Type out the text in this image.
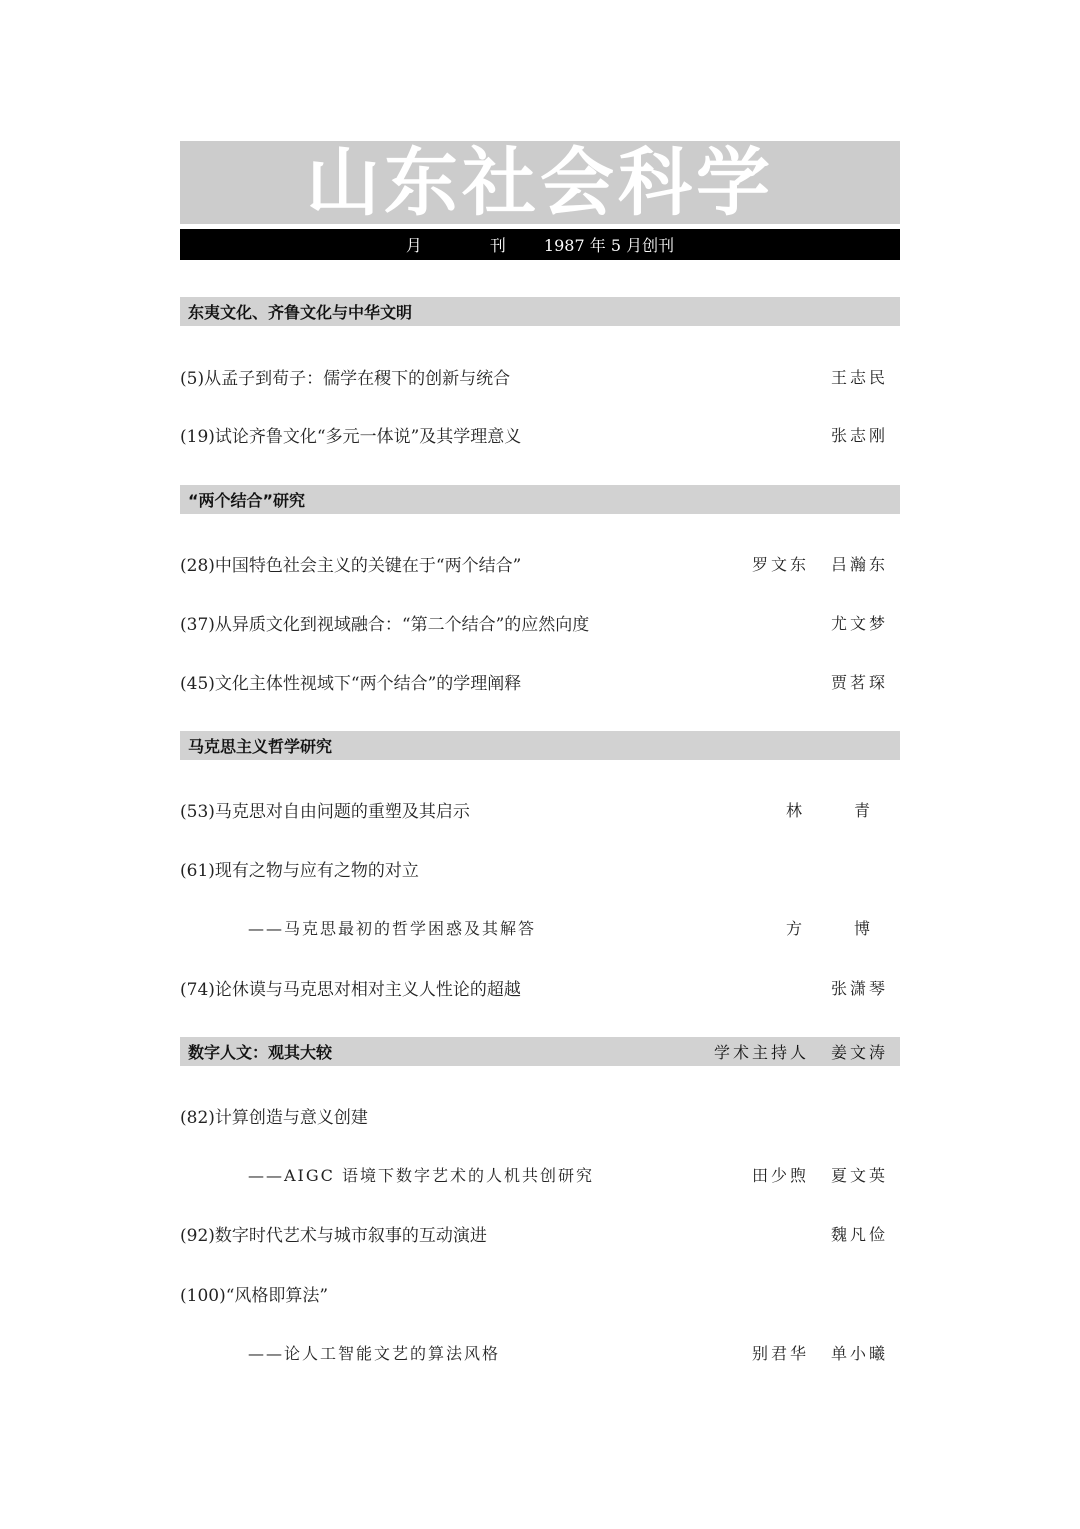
山东社会科学
月　刊 1987 年 5 月创刊
东夷文化、齐鲁文化与中华文明
(5)从孟子到荀子：儒学在稷下的创新与统合	王志民
(19)试论齐鲁文化“多元一体说”及其学理意义	张志刚
“两个结合”研究
(28)中国特色社会主义的关键在于“两个结合”	罗文东 吕瀚东
(37)从异质文化到视域融合：“第二个结合”的应然向度	尤文梦
(45)文化主体性视域下“两个结合”的学理阐释	贾茗琛
马克思主义哲学研究
(53)马克思对自由问题的重塑及其启示	林　青
(61)现有之物与应有之物的对立
——马克思最初的哲学困惑及其解答	方　博
(74)论休谟与马克思对相对主义人性论的超越	张潇琴
数字人文：观其大较	学术主持人 姜文涛
(82)计算创造与意义创建
——AIGC 语境下数字艺术的人机共创研究	田少煦 夏文英
(92)数字时代艺术与城市叙事的互动演进	魏凡俭
(100)“风格即算法”
——论人工智能文艺的算法风格	别君华 单小曦
